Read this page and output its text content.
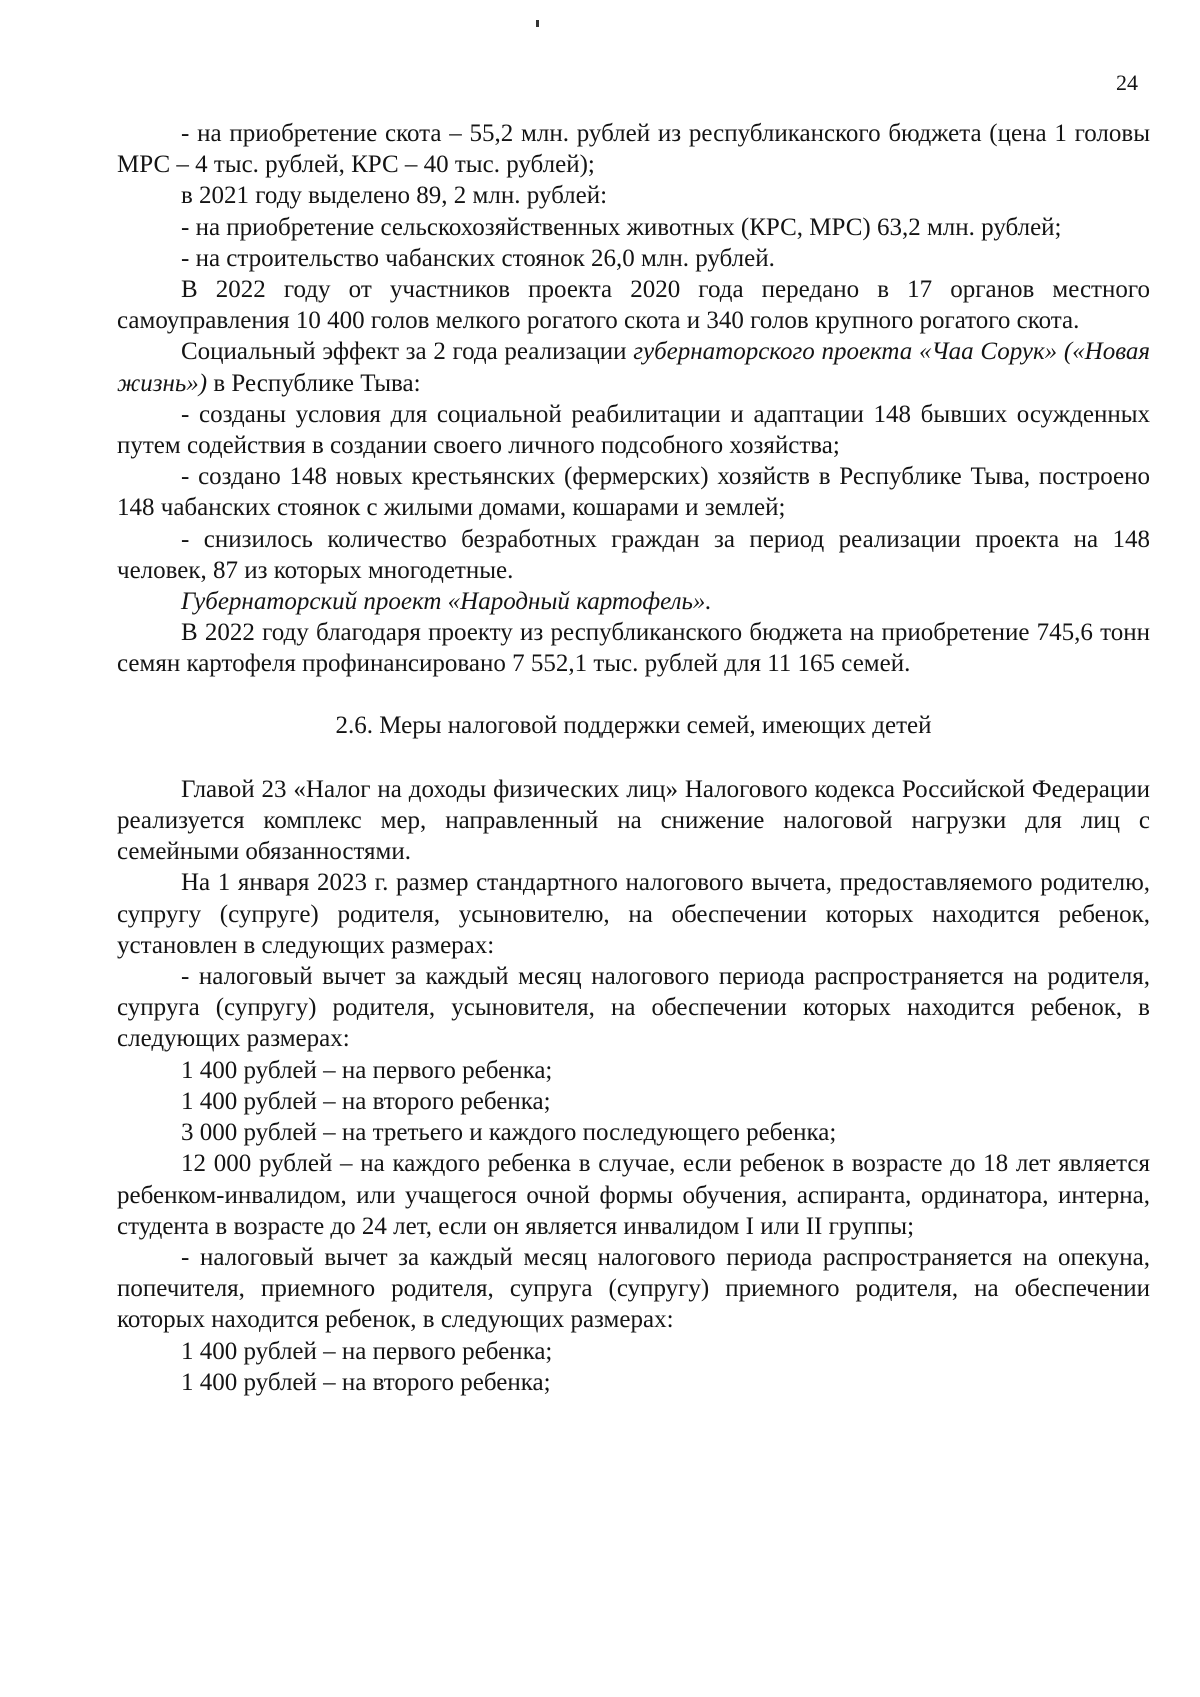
24

- на приобретение скота – 55,2 млн. рублей из республиканского бюджета (цена 1 головы МРС – 4 тыс. рублей, КРС – 40 тыс. рублей);

в 2021 году выделено 89, 2 млн. рублей:

- на приобретение сельскохозяйственных животных (КРС, МРС) 63,2 млн. рублей;

- на строительство чабанских стоянок 26,0 млн. рублей.

В 2022 году от участников проекта 2020 года передано в 17 органов местного самоуправления 10 400 голов мелкого рогатого скота и 340 голов крупного рогатого скота.

Социальный эффект за 2 года реализации губернаторского проекта «Чаа Сорук» («Новая жизнь») в Республике Тыва:

- созданы условия для социальной реабилитации и адаптации 148 бывших осужденных путем содействия в создании своего личного подсобного хозяйства;

- создано 148 новых крестьянских (фермерских) хозяйств в Республике Тыва, построено 148 чабанских стоянок с жилыми домами, кошарами и землей;

- снизилось количество безработных граждан за период реализации проекта на 148 человек, 87 из которых многодетные.

Губернаторский проект «Народный картофель».

В 2022 году благодаря проекту из республиканского бюджета на приобретение 745,6 тонн семян картофеля профинансировано 7 552,1 тыс. рублей для 11 165 семей.

2.6. Меры налоговой поддержки семей, имеющих детей

Главой 23 «Налог на доходы физических лиц» Налогового кодекса Российской Федерации реализуется комплекс мер, направленный на снижение налоговой нагрузки для лиц с семейными обязанностями.

На 1 января 2023 г. размер стандартного налогового вычета, предоставляемого родителю, супругу (супруге) родителя, усыновителю, на обеспечении которых находится ребенок, установлен в следующих размерах:

- налоговый вычет за каждый месяц налогового периода распространяется на родителя, супруга (супругу) родителя, усыновителя, на обеспечении которых находится ребенок, в следующих размерах:

1 400 рублей – на первого ребенка;

1 400 рублей – на второго ребенка;

3 000 рублей – на третьего и каждого последующего ребенка;

12 000 рублей – на каждого ребенка в случае, если ребенок в возрасте до 18 лет является ребенком-инвалидом, или учащегося очной формы обучения, аспиранта, ординатора, интерна, студента в возрасте до 24 лет, если он является инвалидом I или II группы;

- налоговый вычет за каждый месяц налогового периода распространяется на опекуна, попечителя, приемного родителя, супруга (супругу) приемного родителя, на обеспечении которых находится ребенок, в следующих размерах:

1 400 рублей – на первого ребенка;

1 400 рублей – на второго ребенка;
